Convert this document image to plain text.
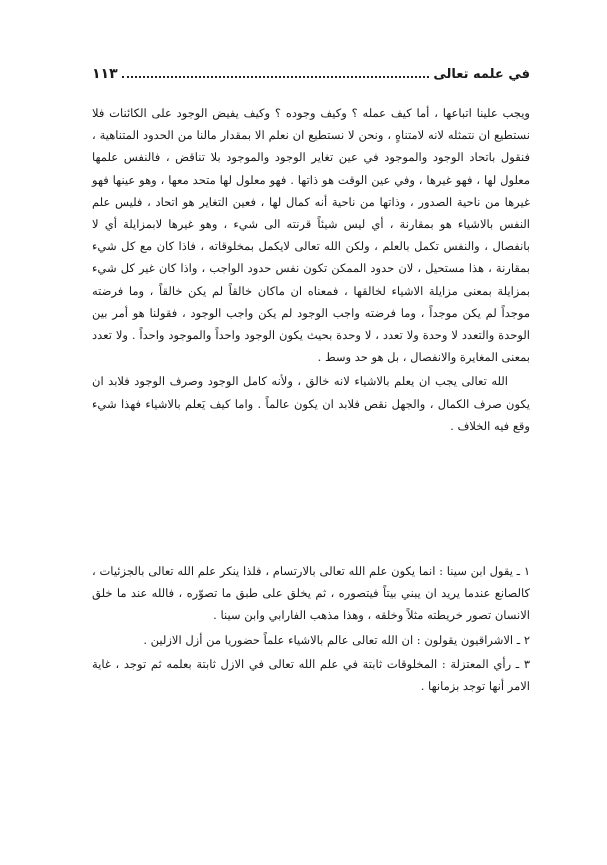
في علمه تعالى
١١٣

ويجب علينا اتباعها ، أما كيف عمله ؟ وكيف وجوده ؟ وكيف يفيض الوجود على الكائنات فلا نستطيع ان نتمثله لانه لامتناهٍ ، ونحن لا نستطيع ان نعلم الا بمقدار مالنا من الحدود المتناهية ، فنقول باتحاد الوجود والموجود في عين تغاير الوجود والموجود بلا تناقض ، فالنفس علمها معلول لها ، فهو غيرها ، وفي عين الوقت هو ذاتها . فهو معلول لها متحد معها ، وهو عينها فهو غيرها من ناحية الصدور ، وذاتها من ناحية أنه كمال لها ، فعين التغاير هو اتحاد ، فليس علم النفس بالاشياء هو بمقارنة ، أي ليس شيئاً قرنته الى شيء ، وهو غيرها لابمزايلة أي لا بانفصال ، والنفس تكمل بالعلم ، ولكن الله تعالى لايكمل بمخلوقاته ، فاذا كان مع كل شيء بمقارنة ، هذا مستحيل ، لان حدود الممكن تكون نفس حدود الواجب ، واذا كان غير كل شيء بمزايلة بمعنى مزايلة الاشياء لخالقها ، فمعناه ان ماكان خالقاً لم يكن خالقاً ، وما فرضته موجداً لم يكن موجداً ، وما فرضته واجب الوجود لم يكن واجب الوجود ، فقولنا هو أمر بين الوحدة والتعدد لا وحدة ولا تعدد ، لا وحدة بحيث يكون الوجود واحداً والموجود واحداً . ولا تعدد بمعنى المغايرة والانفصال ، بل هو حد وسط .

الله تعالى يجب ان يعلم بالاشياء لانه خالق ، ولأنه كامل الوجود وصرف الوجود فلابد ان يكون صرف الكمال ، والجهل نقص فلابد ان يكون عالماً . واما كيف يَعلم بالاشياء فهذا شيء وقع فيه الخلاف .

١ ـ يقول ابن سينا : انما يكون علم الله تعالى بالارتسام ، فلذا ينكر علم الله تعالى بالجزئيات ، كالصانع عندما يريد ان يبني بيتاً فيتصوره ، ثم يخلق على طبق ما تصوّره ، فالله عند ما خلق الانسان تصور خريطته مثلاً وخلقه ، وهذا مذهب الفارابي وابن سينا .

٢ ـ الاشراقيون يقولون : ان الله تعالى عالم بالاشياء علماً حضوريا من أزل الازلين .

٣ ـ رأي المعتزلة : المخلوقات ثابتة في علم الله تعالى في الازل ثابتة بعلمه ثم توجد ، غاية الامر أنها توجد بزمانها .
